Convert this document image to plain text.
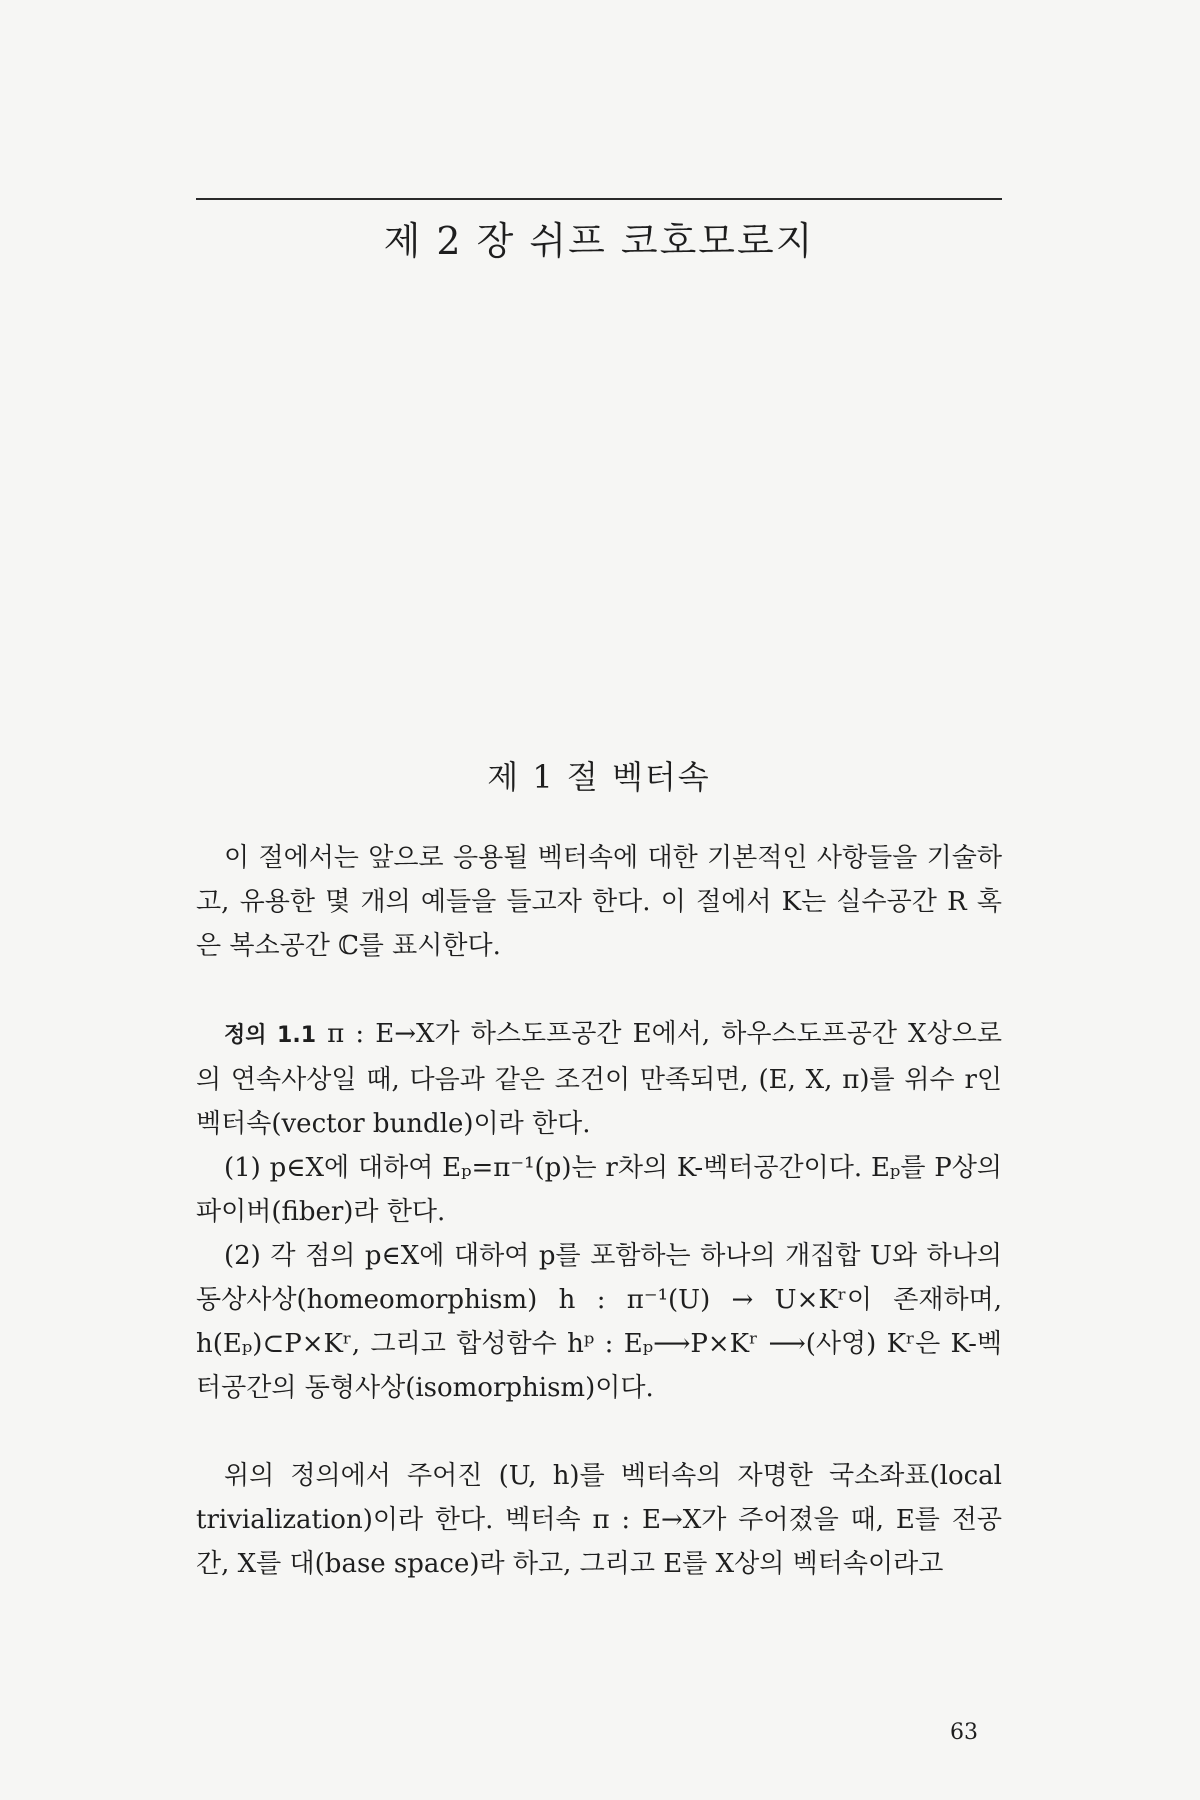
제 2 장 쉬프 코호모로지
제 1 절 벡터속

이 절에서는 앞으로 응용될 벡터속에 대한 기본적인 사항들을 기술하고, 유용한 몇 개의 예들을 들고자 한다. 이 절에서 K는 실수공간 R 혹은 복소공간 ℂ를 표시한다.

정의 1.1 π : E→X가 하스도프공간 E에서, 하우스도프공간 X상으로의 연속사상일 때, 다음과 같은 조건이 만족되면, (E, X, π)를 위수 r인 벡터속(vector bundle)이라 한다.

(1) p∈X에 대하여 Eₚ=π⁻¹(p)는 r차의 K-벡터공간이다. Eₚ를 P상의 파이버(fiber)라 한다.

(2) 각 점의 p∈X에 대하여 p를 포함하는 하나의 개집합 U와 하나의 동상사상(homeomorphism) h : π⁻¹(U) → U×Kʳ이 존재하며, h(Eₚ)⊂P×Kʳ, 그리고 합성함수 hᵖ : Eₚ⟶P×Kʳ ⟶(사영) Kʳ은 K-벡터공간의 동형사상(isomorphism)이다.

위의 정의에서 주어진 (U, h)를 벡터속의 자명한 국소좌표(local trivialization)이라 한다. 벡터속 π : E→X가 주어졌을 때, E를 전공간, X를 대(base space)라 하고, 그리고 E를 X상의 벡터속이라고

63
